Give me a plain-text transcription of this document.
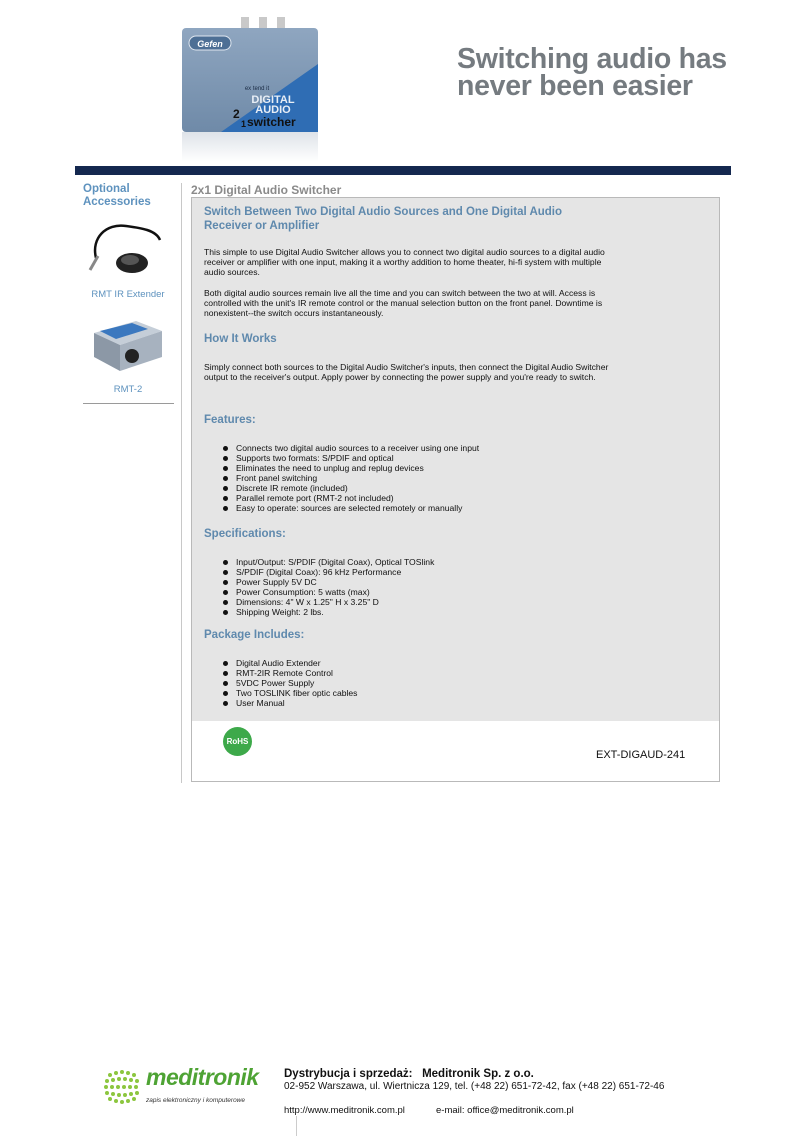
Gefen
ex tend it
DIGITAL
AUDIO
2
1 switcher
Switching audio has
never been easier
Optional
Accessories
RMT IR Extender
RMT-2
2x1 Digital Audio Switcher
Switch Between Two Digital Audio Sources and One Digital Audio
Receiver or Amplifier
This simple to use Digital Audio Switcher allows you to connect two digital audio sources to a digital audio receiver or amplifier with one input, making it a worthy addition to home theater, hi-fi system with multiple audio sources.
Both digital audio sources remain live all the time and you can switch between the two at will. Access is controlled with the unit's IR remote control or the manual selection button on the front panel. Downtime is nonexistent--the switch occurs instantaneously.
How It Works
Simply connect both sources to the Digital Audio Switcher's inputs, then connect the Digital Audio Switcher output to the receiver's output. Apply power by connecting the power supply and you're ready to switch.
Features:
Connects two digital audio sources to a receiver using one input
Supports two formats: S/PDIF and optical
Eliminates the need to unplug and replug devices
Front panel switching
Discrete IR remote (included)
Parallel remote port (RMT-2 not included)
Easy to operate: sources are selected remotely or manually
Specifications:
Input/Output: S/PDIF (Digital Coax), Optical TOSlink
S/PDIF (Digital Coax): 96 kHz Performance
Power Supply 5V DC
Power Consumption: 5 watts (max)
Dimensions: 4" W x 1.25" H x 3.25" D
Shipping Weight: 2 lbs.
Package Includes:
Digital Audio Extender
RMT-2IR Remote Control
5VDC Power Supply
Two TOSLINK fiber optic cables
User Manual
RoHS
EXT-DIGAUD-241
meditronik
zapis elektroniczny i komputerowe
Dystrybucja i sprzedaż: Meditronik Sp. z o.o.
02-952 Warszawa, ul. Wiertnicza 129, tel. (+48 22) 651-72-42, fax (+48 22) 651-72-46
http://www.meditronik.com.pl	e-mail: office@meditronik.com.pl
